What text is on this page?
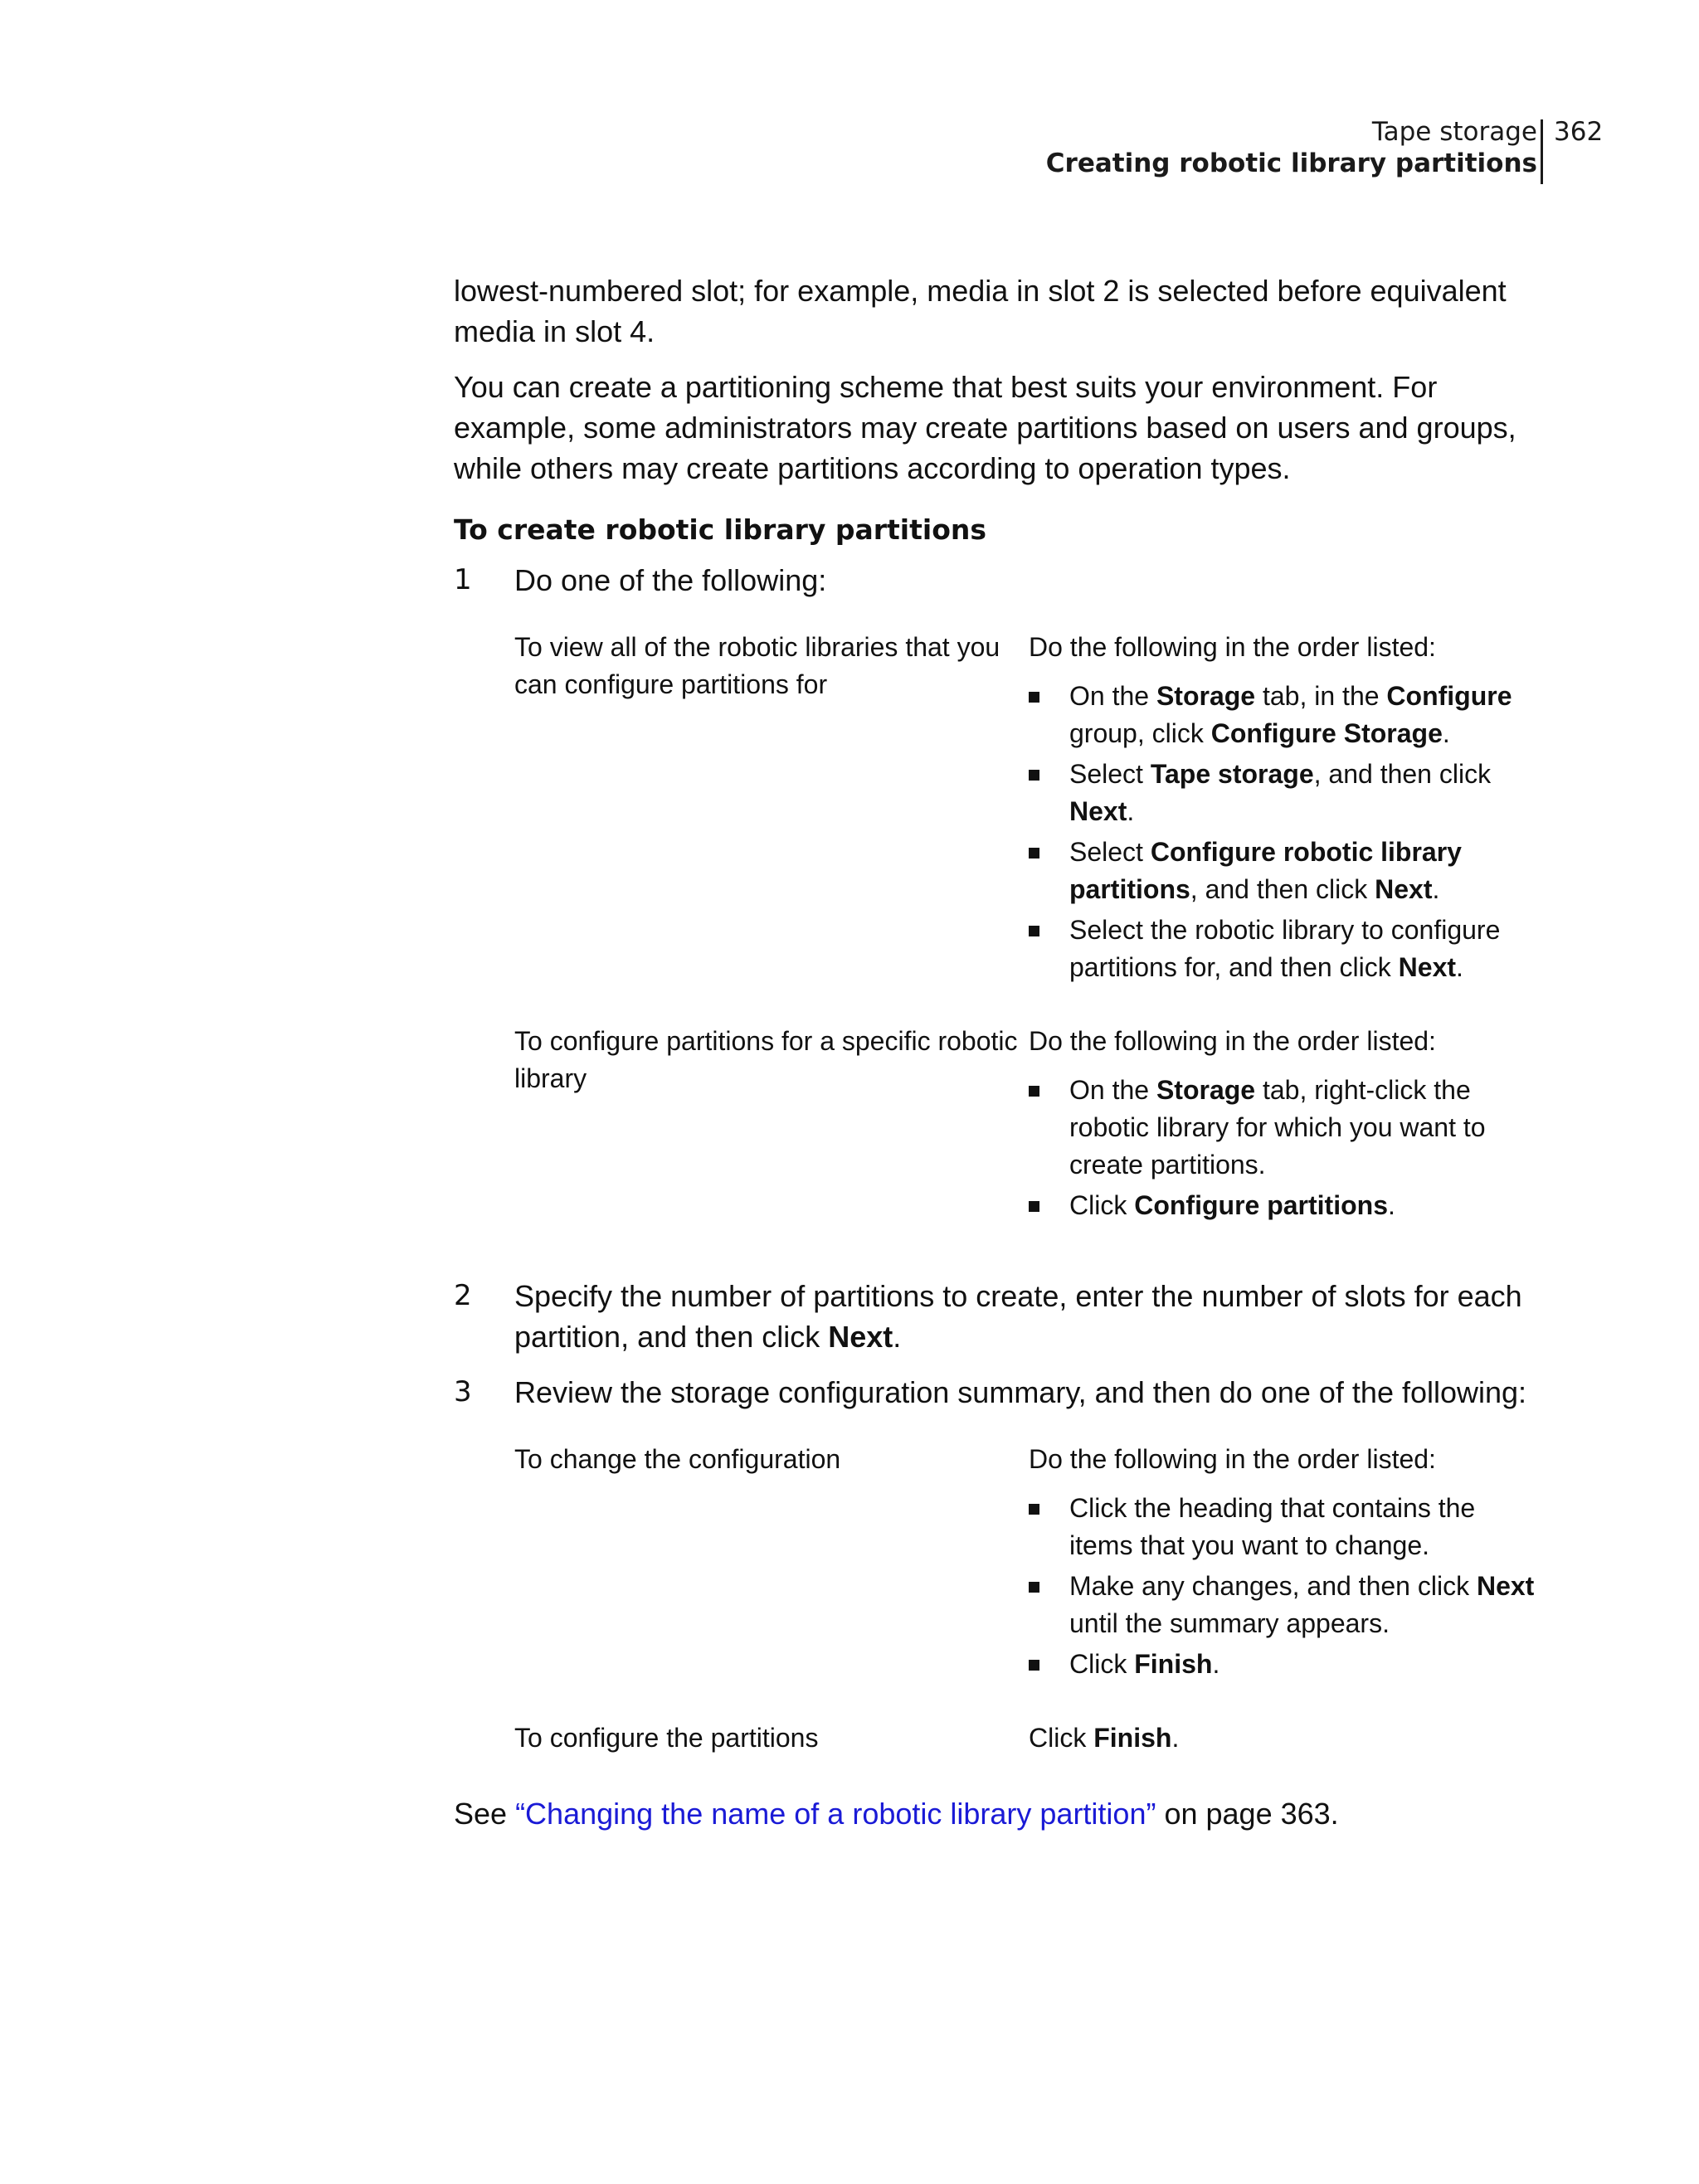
Tape storage
Creating robotic library partitions
362

lowest-numbered slot; for example, media in slot 2 is selected before equivalent media in slot 4.

You can create a partitioning scheme that best suits your environment. For example, some administrators may create partitions based on users and groups, while others may create partitions according to operation types.

To create robotic library partitions
1 Do one of the following:
To view all of the robotic libraries that you can configure partitions for

Do the following in the order listed:

On the Storage tab, in the Configure group, click Configure Storage.
Select Tape storage, and then click Next.
Select Configure robotic library partitions, and then click Next.
Select the robotic library to configure partitions for, and then click Next.
To configure partitions for a specific robotic library

Do the following in the order listed:

On the Storage tab, right-click the robotic library for which you want to create partitions.
Click Configure partitions.
2 Specify the number of partitions to create, enter the number of slots for each partition, and then click Next.
3 Review the storage configuration summary, and then do one of the following:
To change the configuration	Do the following in the order listed:

Click the heading that contains the items that you want to change.
Make any changes, and then click Next until the summary appears.
Click Finish.
To configure the partitions	Click Finish.

See “Changing the name of a robotic library partition” on page 363.
